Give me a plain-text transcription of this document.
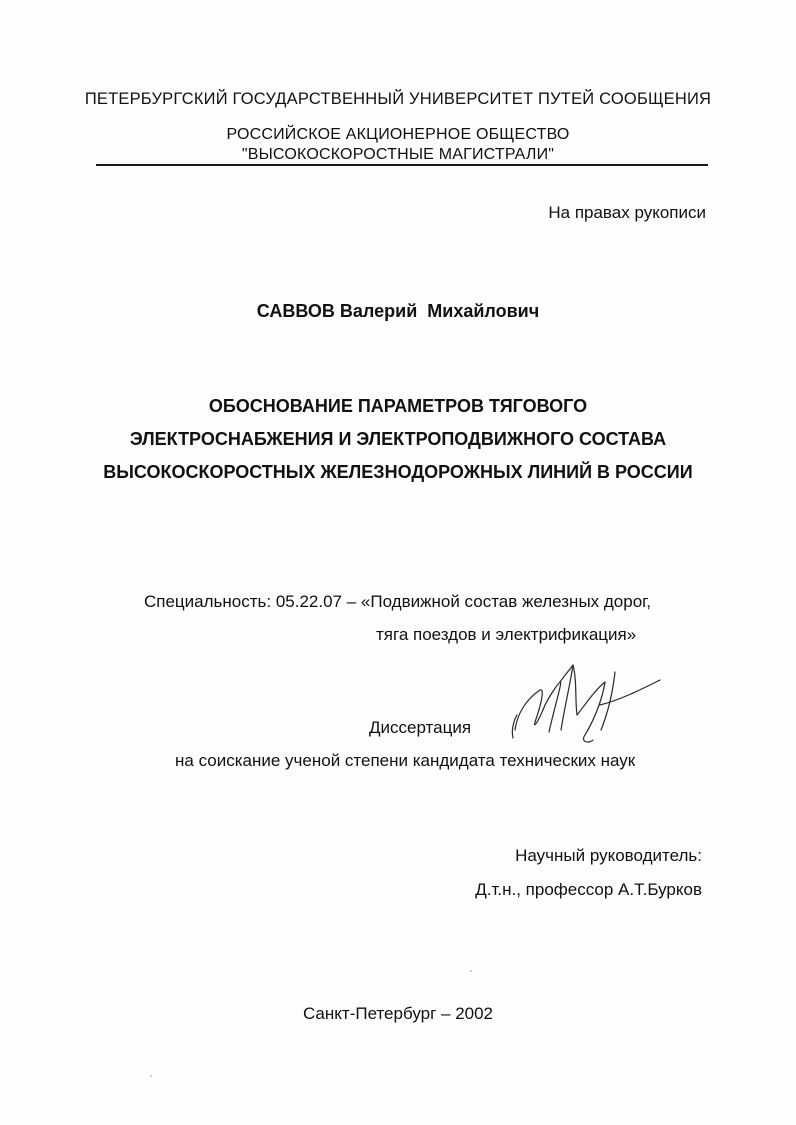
ПЕТЕРБУРГСКИЙ ГОСУДАРСТВЕННЫЙ УНИВЕРСИТЕТ ПУТЕЙ СООБЩЕНИЯ
РОССИЙСКОЕ АКЦИОНЕРНОЕ ОБЩЕСТВО
"ВЫСОКОСКОРОСТНЫЕ МАГИСТРАЛИ"
На правах рукописи
САВВОВ Валерий  Михайлович
ОБОСНОВАНИЕ ПАРАМЕТРОВ ТЯГОВОГО
ЭЛЕКТРОСНАБЖЕНИЯ И ЭЛЕКТРОПОДВИЖНОГО СОСТАВА
ВЫСОКОСКОРОСТНЫХ ЖЕЛЕЗНОДОРОЖНЫХ ЛИНИЙ В РОССИИ
Специальность: 05.22.07 – «Подвижной состав железных дорог,
тяга поездов и электрификация»
Диссертация
на соискание ученой степени кандидата технических наук
Научный руководитель:
Д.т.н., профессор А.Т.Бурков
Санкт-Петербург – 2002
